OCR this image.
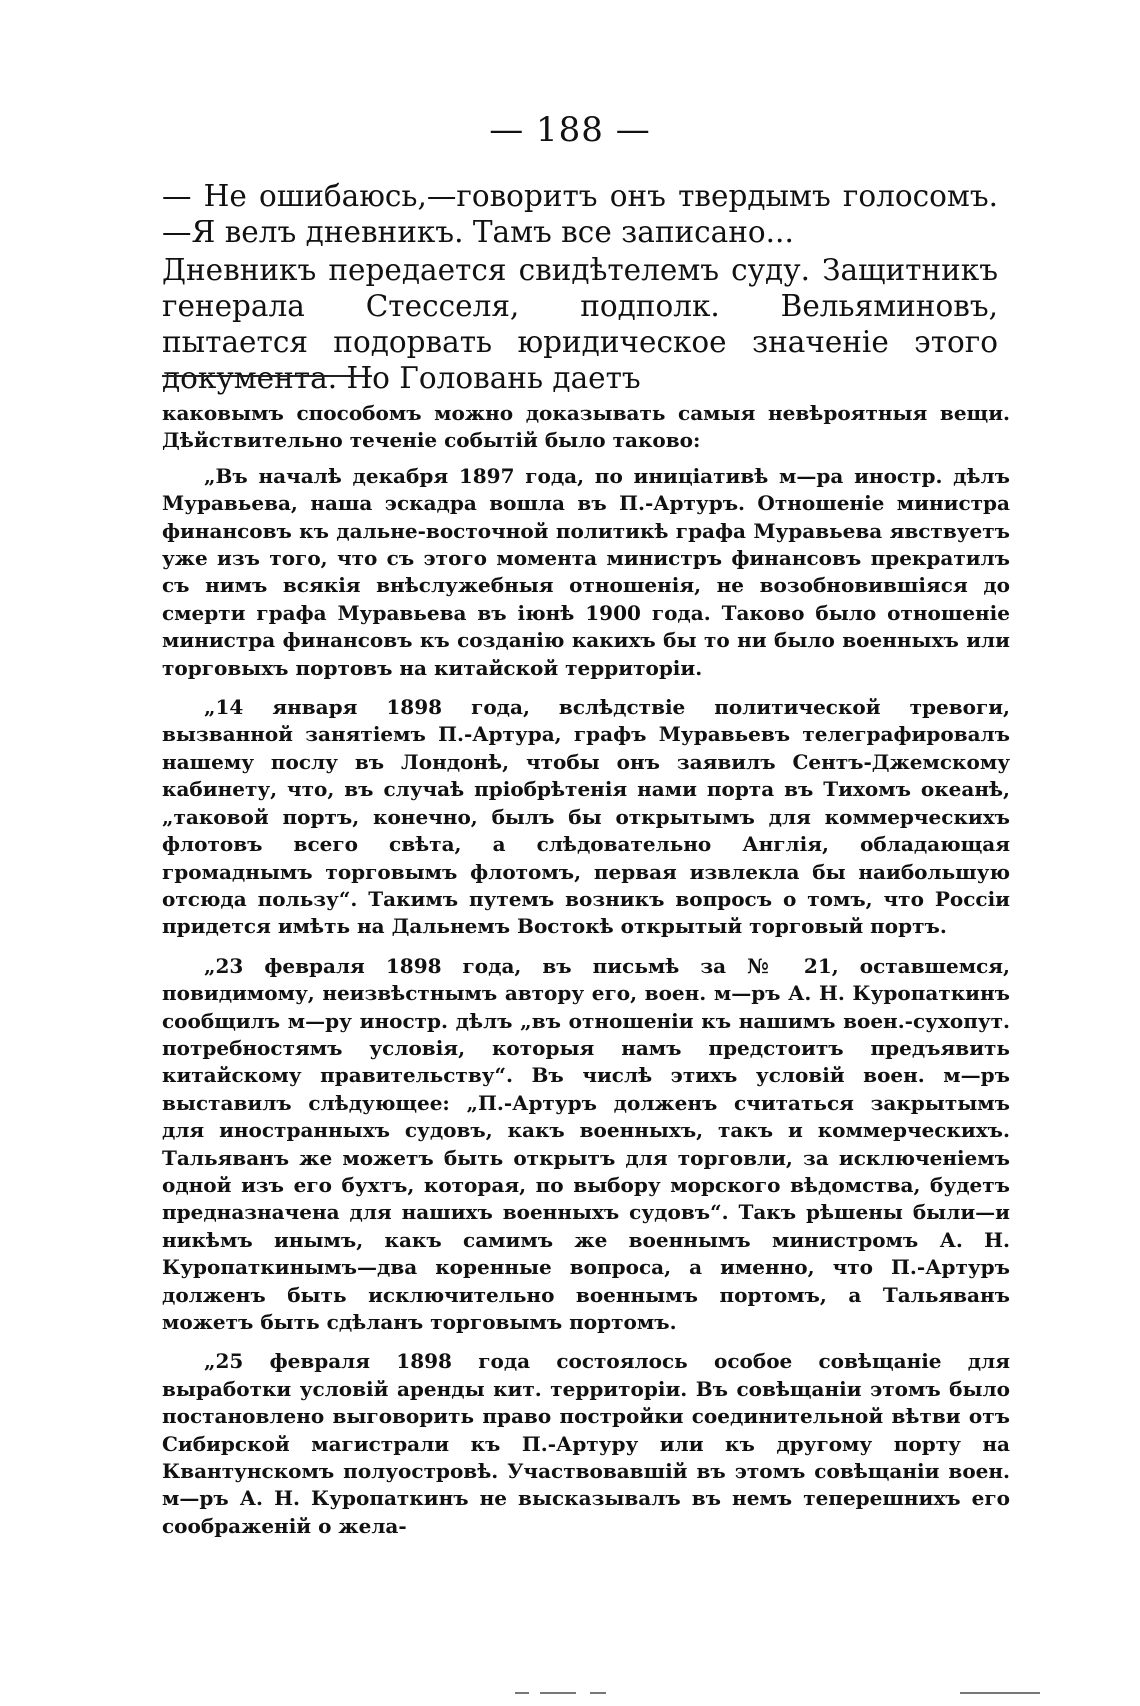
— 188 —

— Не ошибаюсь,—говоритъ онъ твердымъ голосомъ.—Я велъ дневникъ. Тамъ все записано...

Дневникъ передается свидѣтелемъ суду. Защитникъ генерала Стесселя, подполк. Вельяминовъ, пытается подорвать юридическое значеніе этого документа. Но Головань даетъ

каковымъ способомъ можно доказывать самыя невѣроятныя вещи. Дѣйствительно теченіе событій было таково:

„Въ началѣ декабря 1897 года, по иниціативѣ м—ра иностр. дѣлъ Муравьева, наша эскадра вошла въ П.-Артуръ. Отношеніе министра финансовъ къ дальне-восточной политикѣ графа Муравьева явствуетъ уже изъ того, что съ этого момента министръ финансовъ прекратилъ съ нимъ всякія внѣслужебныя отношенія, не возобновившіяся до смерти графа Муравьева въ іюнѣ 1900 года. Таково было отношеніе министра финансовъ къ созданію какихъ бы то ни было военныхъ или торговыхъ портовъ на китайской территоріи.

„14 января 1898 года, вслѣдствіе политической тревоги, вызванной занятіемъ П.-Артура, графъ Муравьевъ телеграфировалъ нашему послу въ Лондонѣ, чтобы онъ заявилъ Сентъ-Джемскому кабинету, что, въ случаѣ пріобрѣтенія нами порта въ Тихомъ океанѣ, „таковой портъ, конечно, былъ бы открытымъ для коммерческихъ флотовъ всего свѣта, а слѣдовательно Англія, обладающая громаднымъ торговымъ флотомъ, первая извлекла бы наибольшую отсюда пользу“. Такимъ путемъ возникъ вопросъ о томъ, что Россіи придется имѣть на Дальнемъ Востокѣ открытый торговый портъ.

„23 февраля 1898 года, въ письмѣ за № 21, оставшемся, повидимому, неизвѣстнымъ автору его, воен. м—ръ А. Н. Куропаткинъ сообщилъ м—ру иностр. дѣлъ „въ отношеніи къ нашимъ воен.-сухопут. потребностямъ условія, которыя намъ предстоитъ предъявить китайскому правительству“. Въ числѣ этихъ условій воен. м—ръ выставилъ слѣдующее: „П.-Артуръ долженъ считаться закрытымъ для иностранныхъ судовъ, какъ военныхъ, такъ и коммерческихъ. Тальяванъ же можетъ быть открытъ для торговли, за исключеніемъ одной изъ его бухтъ, которая, по выбору морского вѣдомства, будетъ предназначена для нашихъ военныхъ судовъ“. Такъ рѣшены были—и никѣмъ инымъ, какъ самимъ же военнымъ министромъ А. Н. Куропаткинымъ—два коренные вопроса, а именно, что П.-Артуръ долженъ быть исключительно военнымъ портомъ, а Тальяванъ можетъ быть сдѣланъ торговымъ портомъ.

„25 февраля 1898 года состоялось особое совѣщаніе для выработки условій аренды кит. территоріи. Въ совѣщаніи этомъ было постановлено выговорить право постройки соединительной вѣтви отъ Сибирской магистрали къ П.-Артуру или къ другому порту на Квантунскомъ полуостровѣ. Участвовавшій въ этомъ совѣщаніи воен. м—ръ А. Н. Куропаткинъ не высказывалъ въ немъ теперешнихъ его соображеній о жела-
